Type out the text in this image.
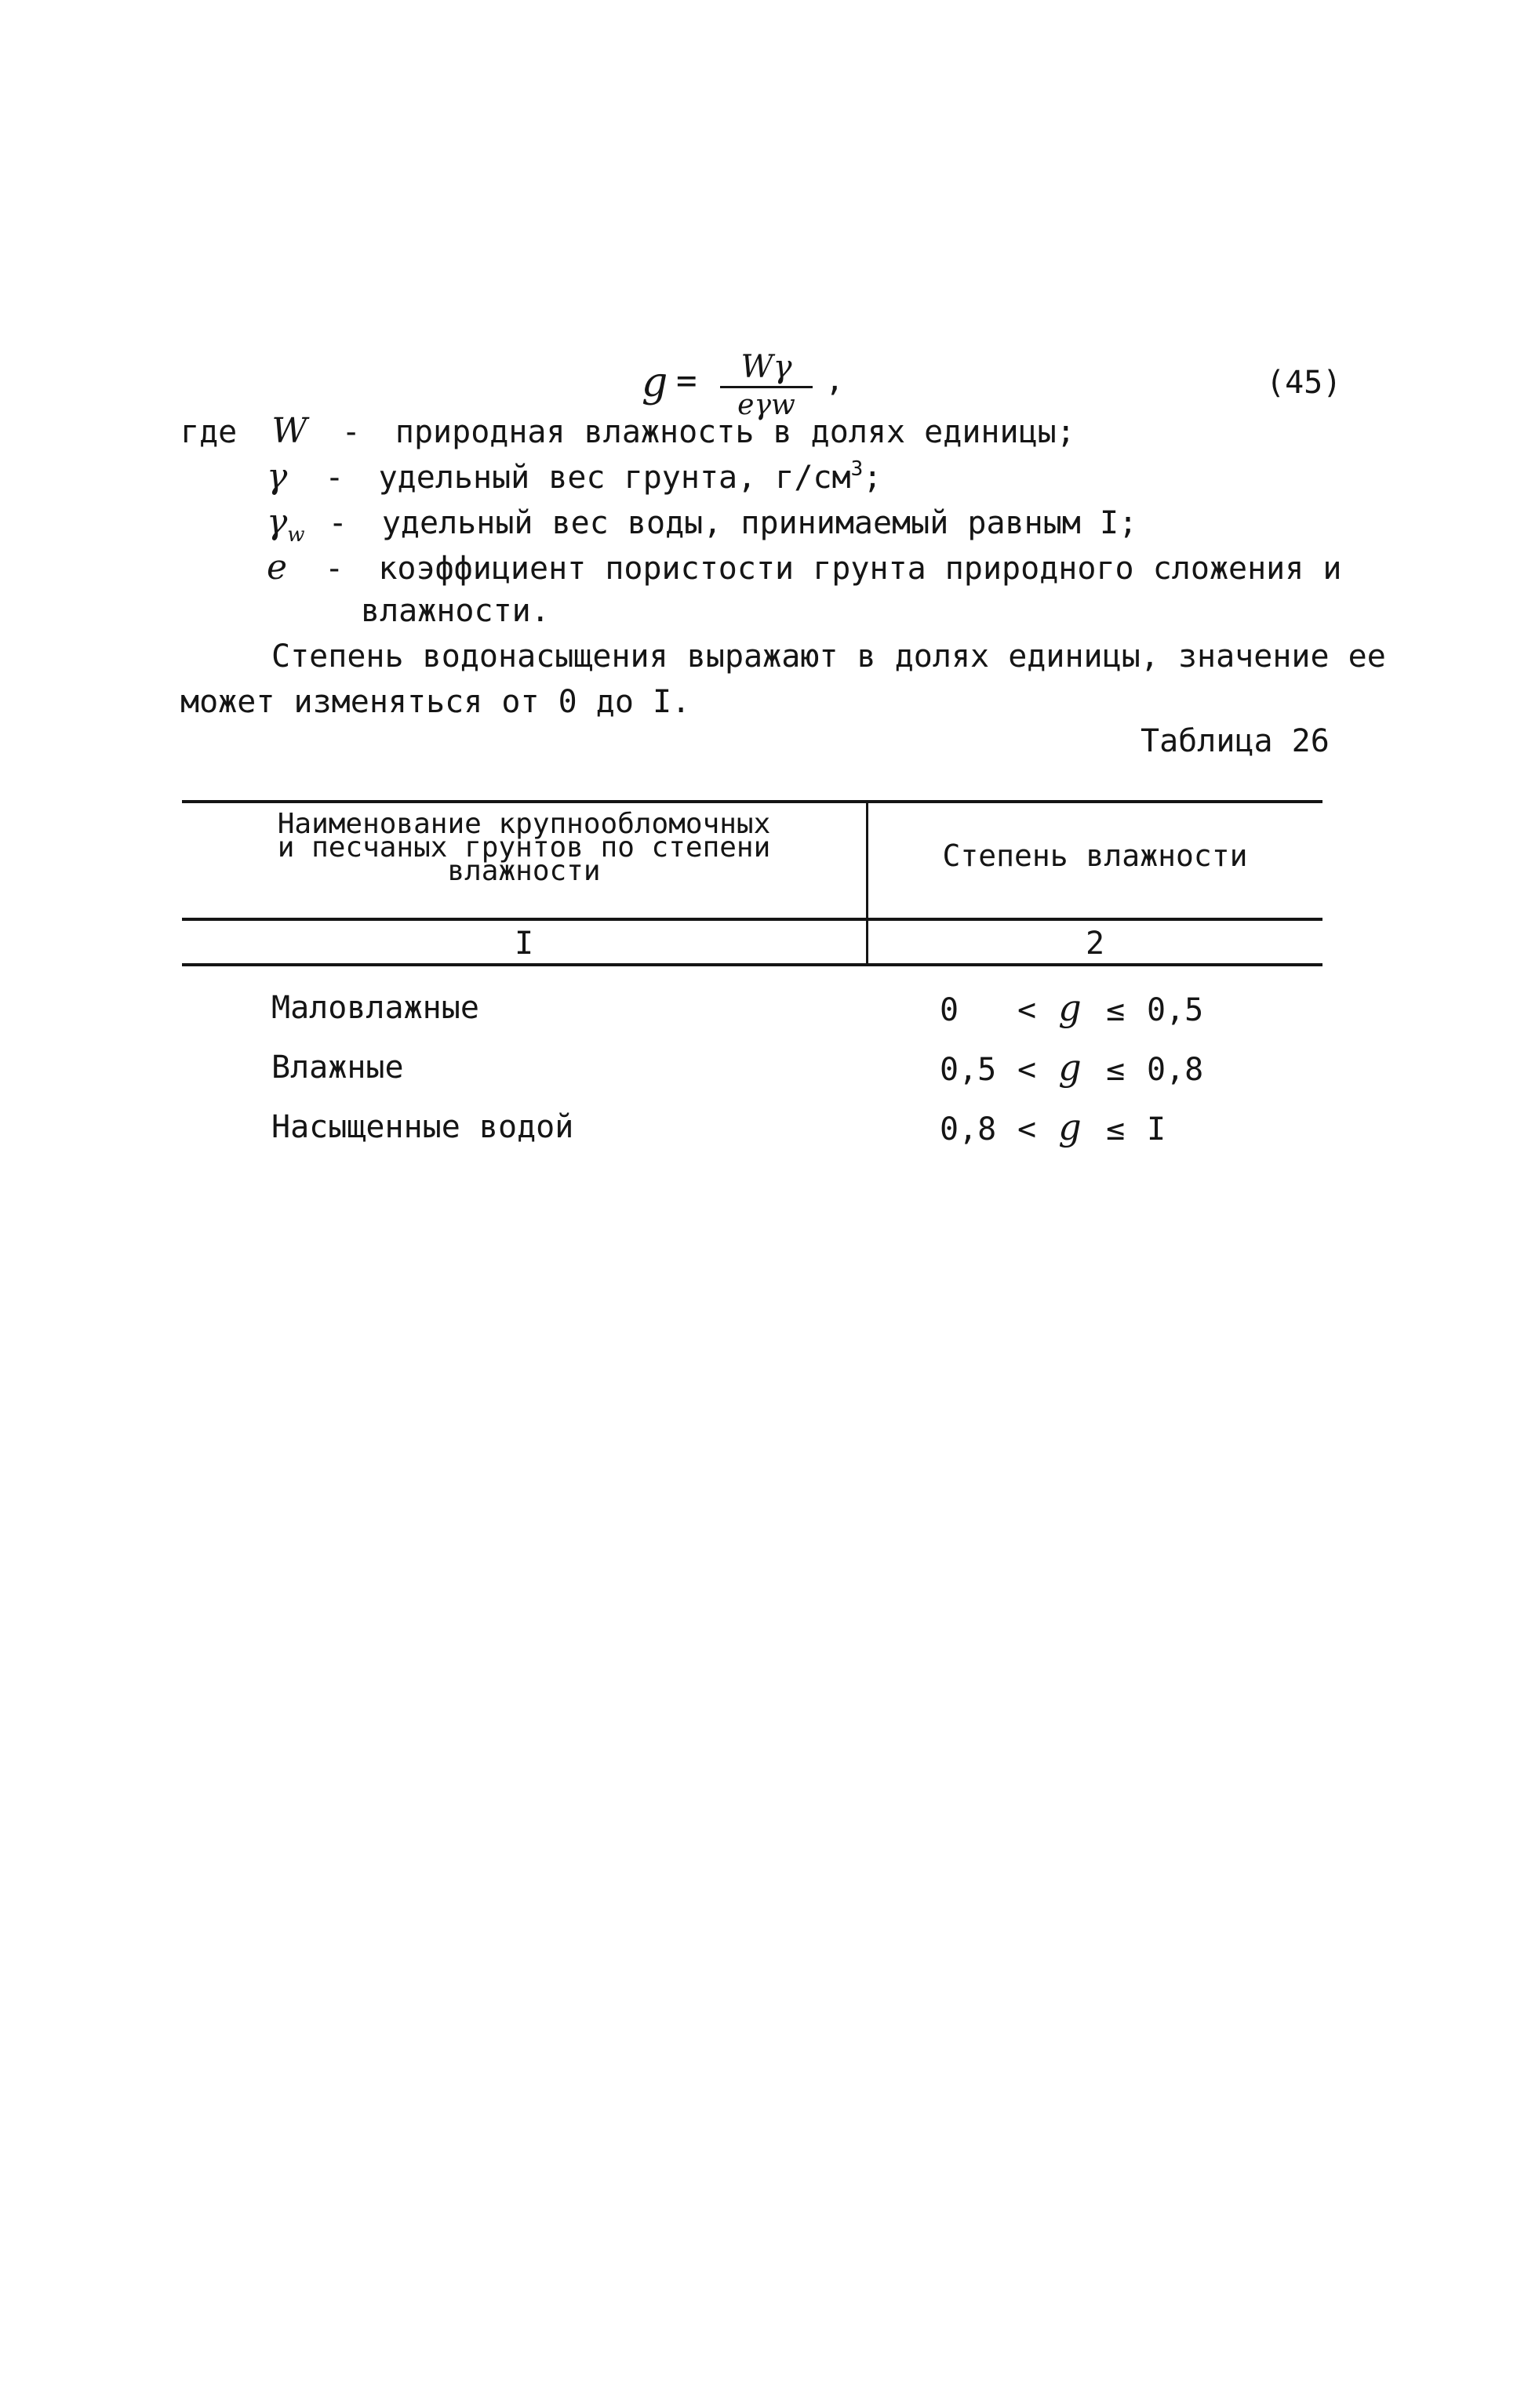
g =	Wγ
eγw
,	(45)
где W - природная влажность в долях единицы;
γ - удельный вес грунта, $г/см^3$;
$\gamma_w$ - удельный вес воды, принимаемый равным I;
e - коэффициент пористости грунта природного сложения и
влажности.
Степень водонасыщения выражают в долях единицы, значение ее
может изменяться от 0 до I.
Таблица 26
Наименование крупнообломочных
и песчаных грунтов по степени
влажности	Степень влажности
I	2
Маловлажные	0 < g ≤ 0,5
Влажные	0,5 < g ≤ 0,8
Насыщенные водой	0,8 < g ≤ I
